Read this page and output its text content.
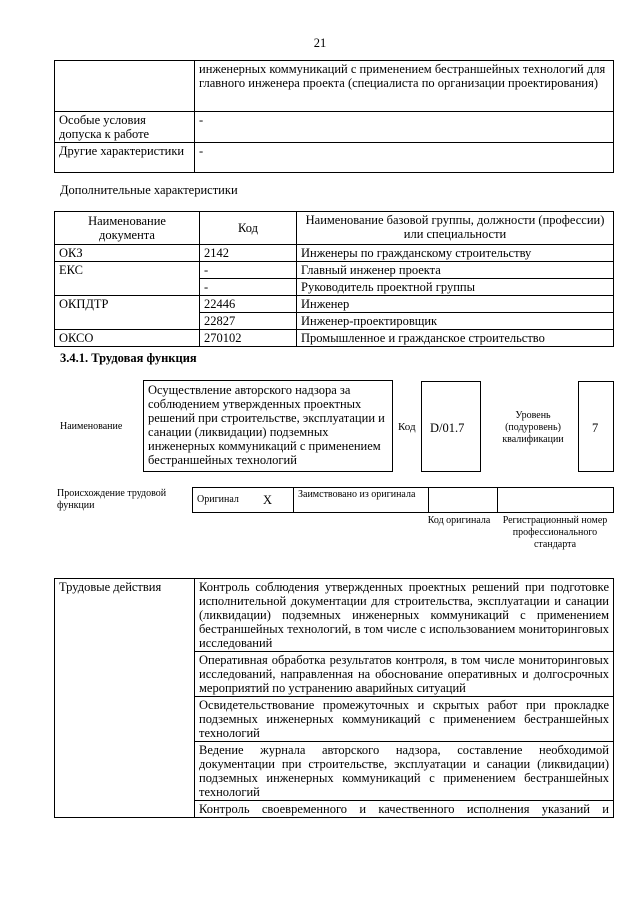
21
	инженерных коммуникаций с применением бестраншейных технологий для главного инженера проекта (специалиста по организации проектирования)
Особые условия допуска к работе	-
Другие характеристики	-
Дополнительные характеристики
Наименование документа	Код	Наименование базовой группы, должности (профессии) или специальности
ОКЗ	2142	Инженеры по гражданскому строительству
ЕКС	-	Главный инженер проекта
	-	Руководитель проектной группы
ОКПДТР	22446	Инженер
	22827	Инженер-проектировщик
ОКСО	270102	Промышленное и гражданское строительство
3.4.1. Трудовая функция
Наименование
Осуществление авторского надзора за соблюдением утвержденных проектных решений при строительстве, эксплуатации и санации (ликвидации) подземных инженерных коммуникаций с применением бестраншейных технологий
Код	D/01.7
Уровень (подуровень) квалификации
7
Происхождение трудовой функции
Оригинал	X	Заимствовано из оригинала		
Код оригинала Регистрационный номер профессионального стандарта
Трудовые действия	Контроль соблюдения утвержденных проектных решений при подготовке исполнительной документации для строительства, эксплуатации и санации (ликвидации) подземных инженерных коммуникаций с применением бестраншейных технологий, в том числе с использованием мониторинговых исследований
Оперативная обработка результатов контроля, в том числе мониторинговых исследований, направленная на обоснование оперативных и долгосрочных мероприятий по устранению аварийных ситуаций
Освидетельствование промежуточных и скрытых работ при прокладке подземных инженерных коммуникаций с применением бестраншейных технологий
Ведение журнала авторского надзора, составление необходимой документации при строительстве, эксплуатации и санации (ликвидации) подземных инженерных коммуникаций с применением бестраншейных технологий
Контроль своевременного и качественного исполнения указаний и
